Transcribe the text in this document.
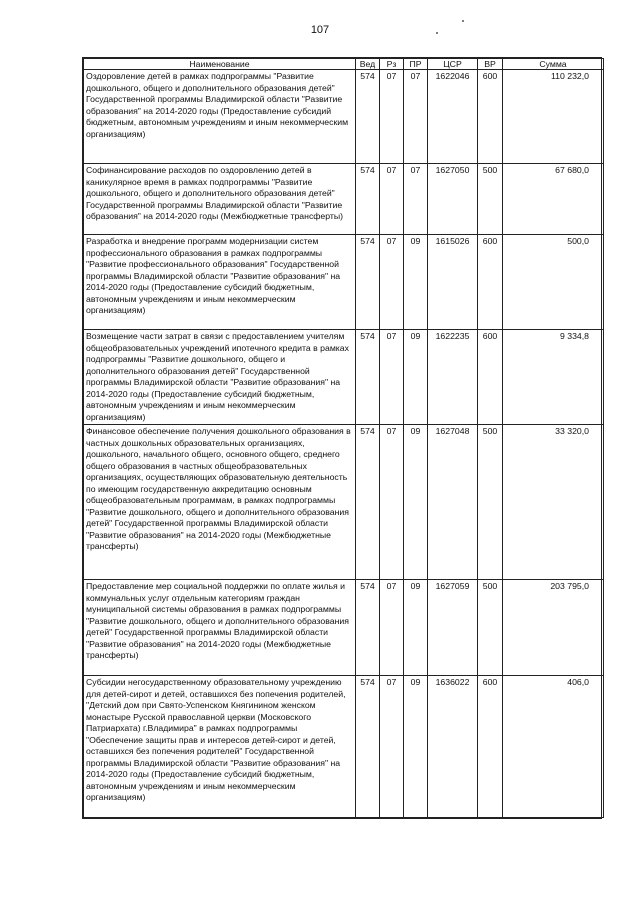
107
Наименование	Вед	Рз	ПР	ЦСР	ВР	Сумма
Оздоровление детей в рамках подпрограммы "Развитие дошкольного, общего и дополнительного образования детей" Государственной программы Владимирской области "Развитие образования" на 2014-2020 годы (Предоставление субсидий бюджетным, автономным учреждениям и иным некоммерческим организациям)	574	07	07	1622046	600	110 232,0
Софинансирование расходов по оздоровлению детей в каникулярное время в рамках подпрограммы "Развитие дошкольного, общего и дополнительного образования детей" Государственной программы Владимирской области "Развитие образования" на 2014-2020 годы (Межбюджетные трансферты)	574	07	07	1627050	500	67 680,0
Разработка и внедрение программ модернизации систем профессионального образования в рамках подпрограммы "Развитие профессионального образования" Государственной программы Владимирской области "Развитие образования" на 2014-2020 годы (Предоставление субсидий бюджетным, автономным учреждениям и иным некоммерческим организациям)	574	07	09	1615026	600	500,0
Возмещение части затрат в связи с предоставлением учителям общеобразовательных учреждений ипотечного кредита в рамках подпрограммы "Развитие дошкольного, общего и дополнительного образования детей" Государственной программы Владимирской области "Развитие образования" на 2014-2020 годы (Предоставление субсидий бюджетным, автономным учреждениям и иным некоммерческим организациям)	574	07	09	1622235	600	9 334,8
Финансовое обеспечение получения дошкольного образования в частных дошкольных образовательных организациях, дошкольного, начального общего, основного общего, среднего общего образования в частных общеобразовательных организациях, осуществляющих образовательную деятельность по имеющим государственную аккредитацию основным общеобразовательным программам, в рамках подпрограммы "Развитие дошкольного, общего и дополнительного образования детей" Государственной программы Владимирской области "Развитие образования" на 2014-2020 годы (Межбюджетные трансферты)	574	07	09	1627048	500	33 320,0
Предоставление мер социальной поддержки по оплате жилья и коммунальных услуг отдельным категориям граждан муниципальной системы образования в рамках подпрограммы "Развитие дошкольного, общего и дополнительного образования детей" Государственной программы Владимирской области "Развитие образования" на 2014-2020 годы (Межбюджетные трансферты)	574	07	09	1627059	500	203 795,0
Субсидии негосударственному образовательному учреждению для детей-сирот и детей, оставшихся без попечения родителей, "Детский дом при Свято-Успенском Княгинином женском монастыре Русской православной церкви (Московского Патриархата) г.Владимира" в рамках подпрограммы "Обеспечение защиты прав и интересов детей-сирот и детей, оставшихся без попечения родителей" Государственной программы Владимирской области "Развитие образования" на 2014-2020 годы (Предоставление субсидий бюджетным, автономным учреждениям и иным некоммерческим организациям)	574	07	09	1636022	600	406,0
